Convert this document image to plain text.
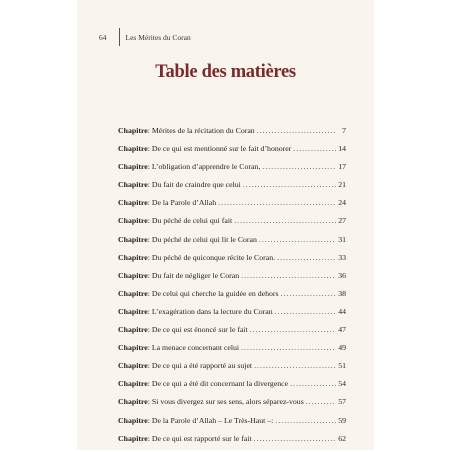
64	Les Mérites du Coran
Table des matières
Chapitre : Mérites de la récitation du Coran .....	7
Chapitre : De ce qui est mentionné sur le fait d’honorer .....	14
Chapitre : L’obligation d’apprendre le Coran, .....	17
Chapitre : Du fait de craindre que celui .....	21
Chapitre : De la Parole d’Allah .....	24
Chapitre : Du péché de celui qui fait .....	27
Chapitre : Du péché de celui qui lit le Coran .....	31
Chapitre : Du péché de quiconque récite le Coran. .....	33
Chapitre : Du fait de négliger le Coran .....	36
Chapitre : De celui qui cherche la guidée en dehors .....	38
Chapitre : L’exagération dans la lecture du Coran .....	44
Chapitre : De ce qui est énoncé sur le fait .....	47
Chapitre : La menace concernant celui .....	49
Chapitre : De ce qui a été rapporté au sujet .....	51
Chapitre : De ce qui a été dit concernant la divergence .....	54
Chapitre : Si vous divergez sur ses sens, alors séparez-vous .....	57
Chapitre : De la Parole d’Allah – Le Très-Haut –: .....	59
Chapitre : De ce qui est rapporté sur le fait .....	62
